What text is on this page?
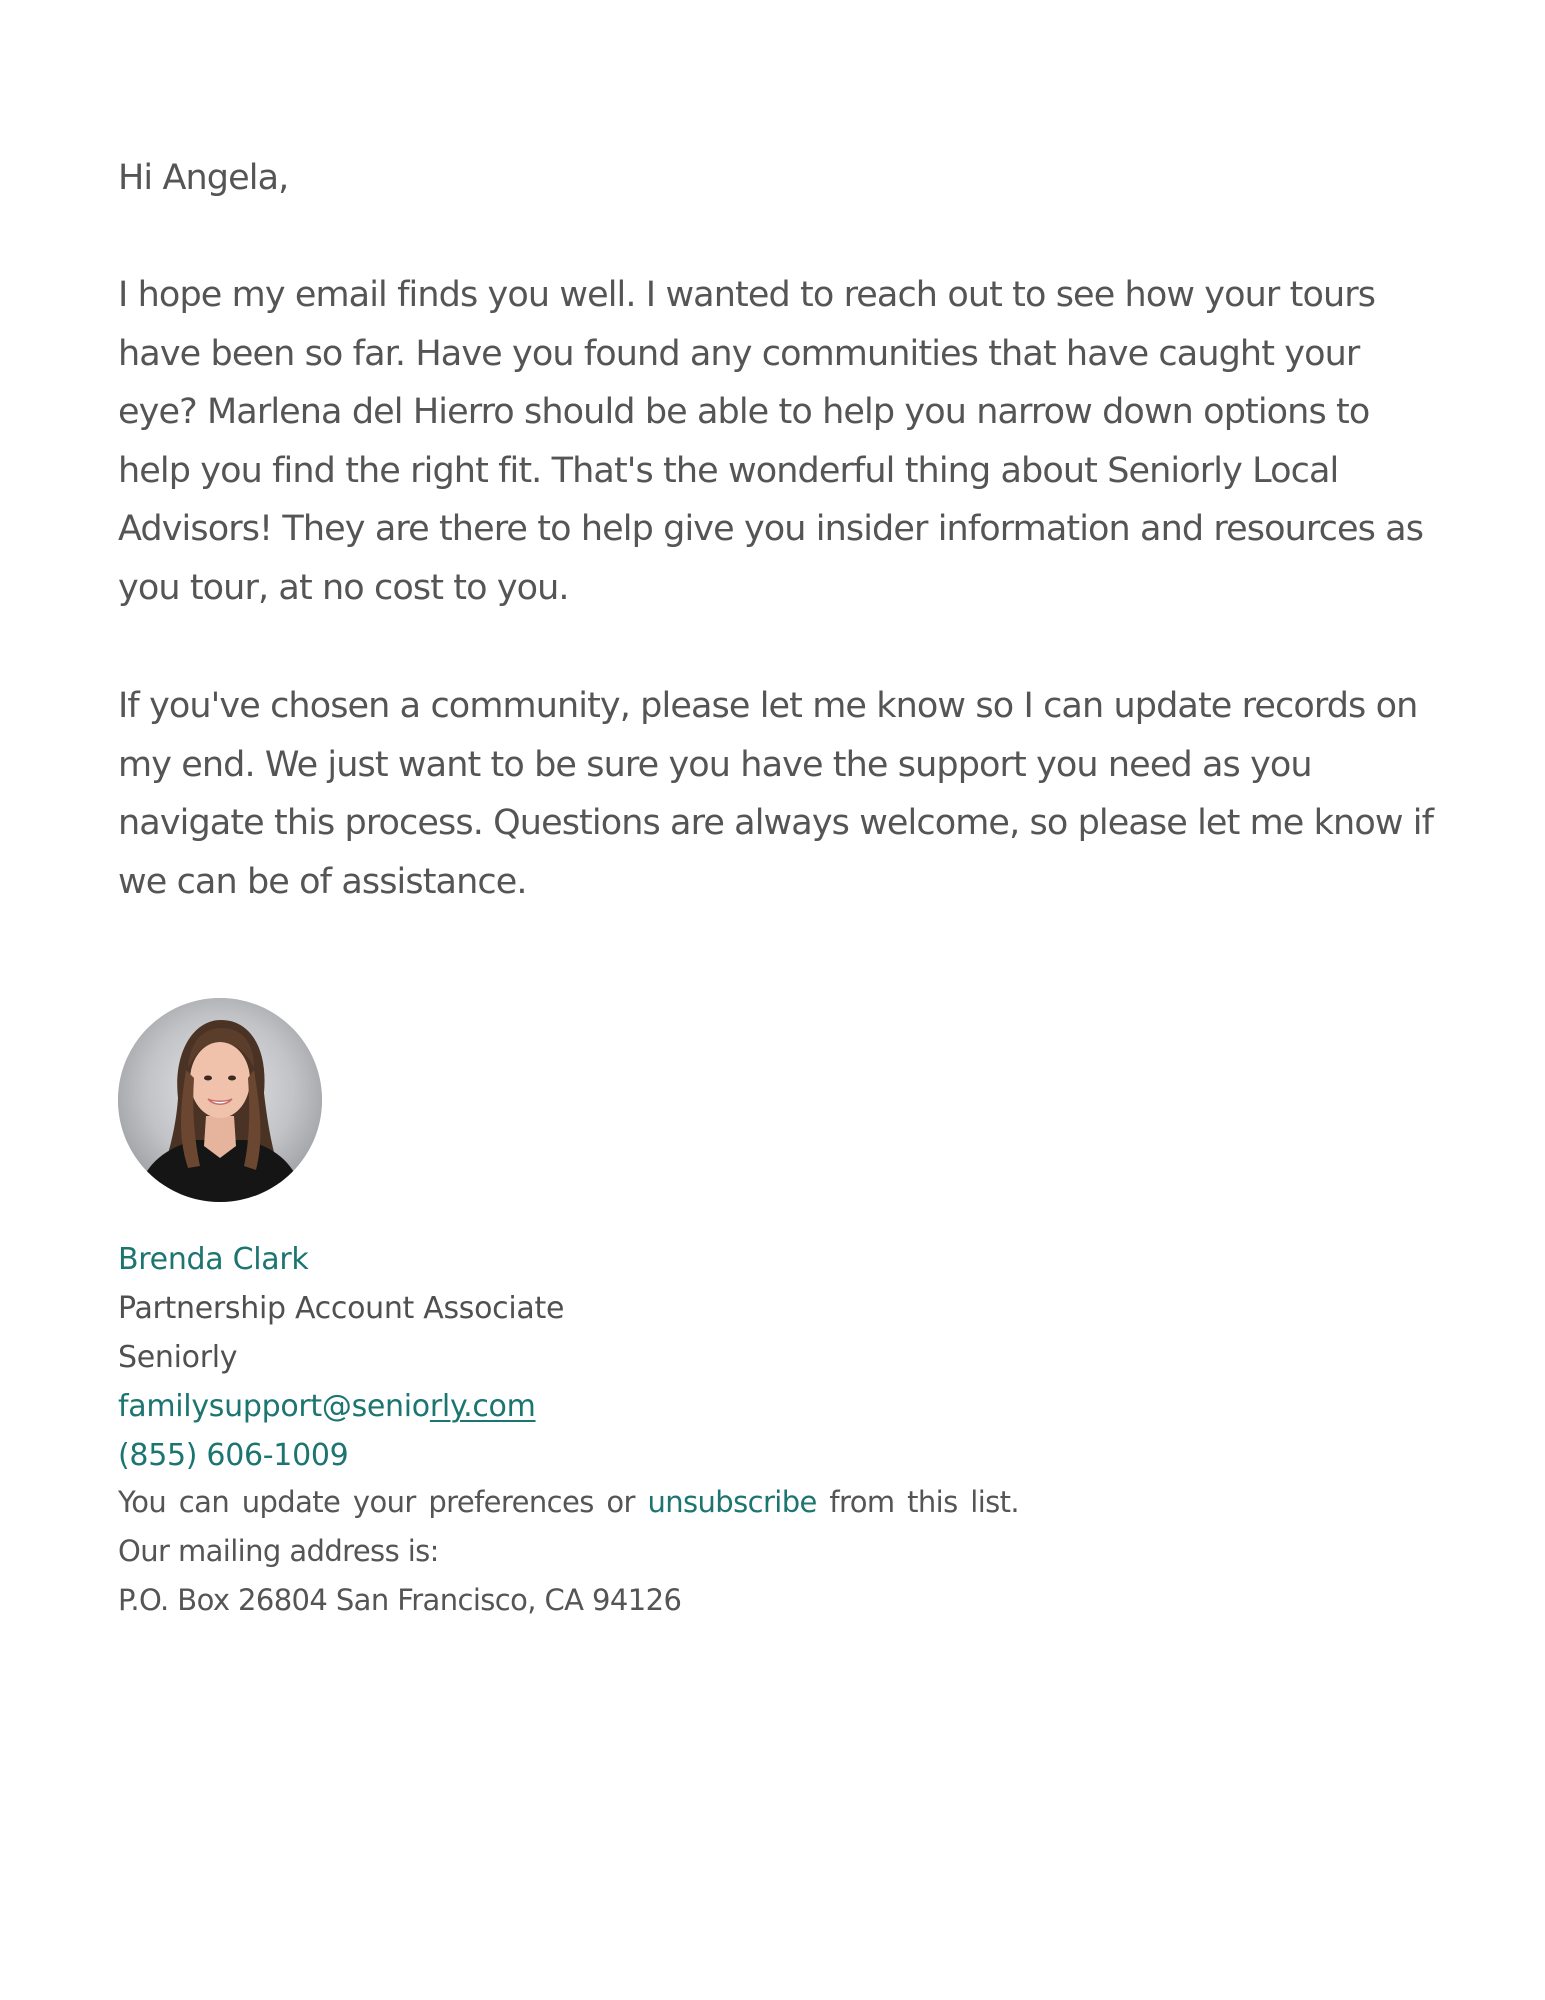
Hi Angela,

I hope my email finds you well. I wanted to reach out to see how your tours have been so far. Have you found any communities that have caught your eye? Marlena del Hierro should be able to help you narrow down options to help you find the right fit. That's the wonderful thing about Seniorly Local Advisors! They are there to help give you insider information and resources as you tour, at no cost to you.

If you've chosen a community, please let me know so I can update records on my end. We just want to be sure you have the support you need as you navigate this process. Questions are always welcome, so please let me know if we can be of assistance.

Brenda Clark
Partnership Account Associate
Seniorly
familysupport@seniorly.com
(855) 606-1009
You can update your preferences or unsubscribe from this list.
Our mailing address is:
P.O. Box 26804 San Francisco, CA 94126
